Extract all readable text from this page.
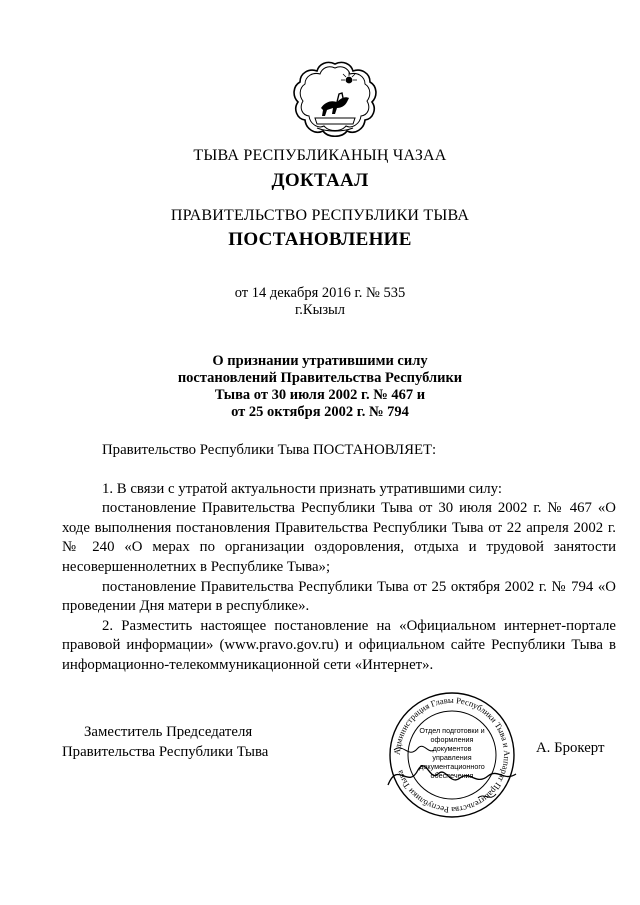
ТЫВА РЕСПУБЛИКАНЫҢ ЧАЗАА
ДОКТААЛ
ПРАВИТЕЛЬСТВО РЕСПУБЛИКИ ТЫВА
ПОСТАНОВЛЕНИЕ
от 14 декабря 2016 г. № 535
г.Кызыл
О признании утратившими силу
постановлений Правительства Республики
Тыва от 30 июля 2002 г. № 467 и
от 25 октября 2002 г. № 794

Правительство Республики Тыва ПОСТАНОВЛЯЕТ:

1. В связи с утратой актуальности признать утратившими силу:

постановление Правительства Республики Тыва от 30 июля 2002 г. № 467 «О ходе выполнения постановления Правительства Республики Тыва от 22 апреля 2002 г. № 240 «О мерах по организации оздоровления, отдыха и трудовой занятости несовершеннолетних в Республике Тыва»;

постановление Правительства Республики Тыва от 25 октября 2002 г. № 794 «О проведении Дня матери в республике».

2. Разместить настоящее постановление на «Официальном интернет-портале правовой информации» (www.pravo.gov.ru) и официальном сайте Республики Тыва в информационно-телекоммуникационной сети «Интернет».

Заместитель Председателя
Правительства Республики Тыва	А. Брокерт
Администрация Главы Республики Тыва и Аппарат Правительства Республики Тыва
Отдел подготовки и оформления документов управления документационного обеспечения
